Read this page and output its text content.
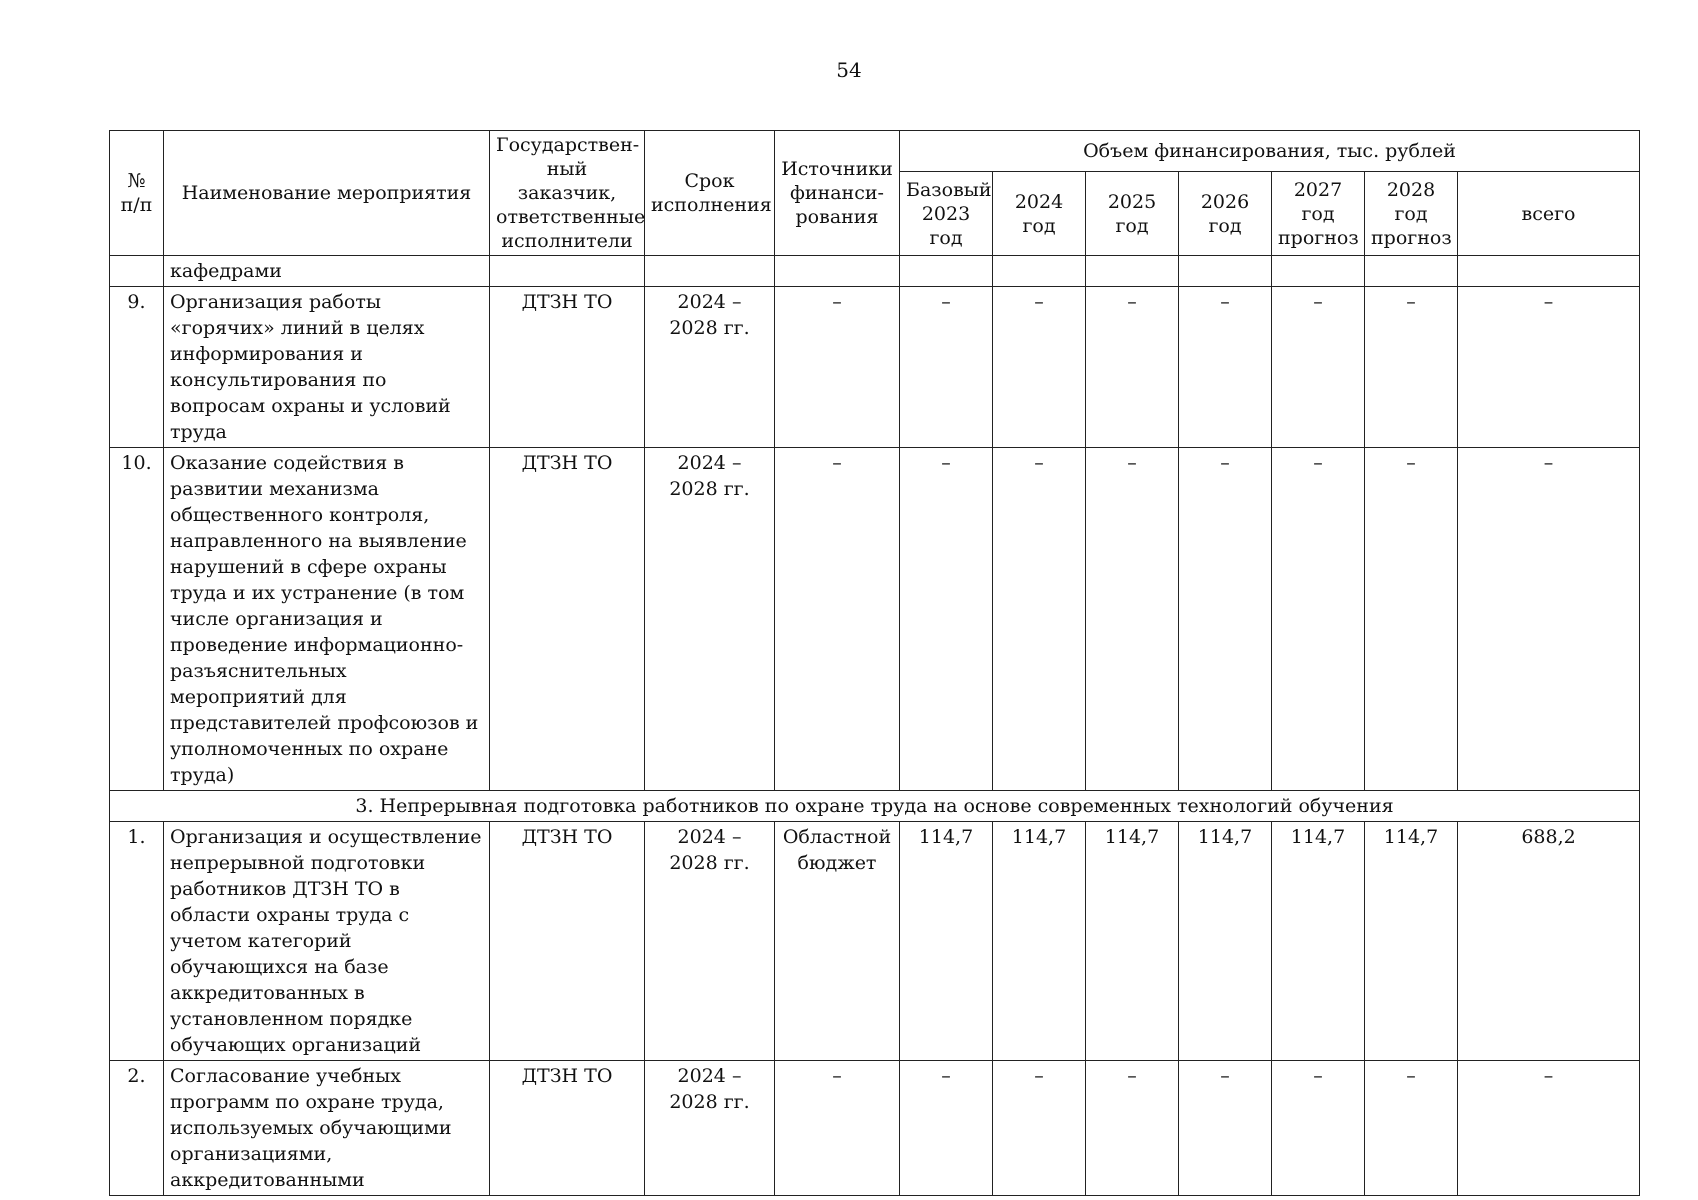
54
№ п/п	Наименование мероприятия	Государствен-ный заказчик, ответственные исполнители	Срок исполнения	Источники финанси-рования	Объем финансирования, тыс. рублей						
					Базовый 2023 год	2024 год	2025 год	2026 год	2027 год прогноз	2028 год прогноз	всего
	кафедрами										
9.	Организация работы «горячих» линий в целях информирования и консультирования по вопросам охраны и условий труда	ДТЗН ТО	2024 – 2028 гг.	–	–	–	–	–	–	–	–
10.	Оказание содействия в развитии механизма общественного контроля, направленного на выявление нарушений в сфере охраны труда и их устранение (в том числе организация и проведение информационно-разъяснительных мероприятий для представителей профсоюзов и уполномоченных по охране труда)	ДТЗН ТО	2024 – 2028 гг.	–	–	–	–	–	–	–	–
3. Непрерывная подготовка работников по охране труда на основе современных технологий обучения											
1.	Организация и осуществление непрерывной подготовки работников ДТЗН ТО в области охраны труда с учетом категорий обучающихся на базе аккредитованных в установленном порядке обучающих организаций	ДТЗН ТО	2024 – 2028 гг.	Областной бюджет	114,7	114,7	114,7	114,7	114,7	114,7	688,2
2.	Согласование учебных программ по охране труда, используемых обучающими организациями, аккредитованными	ДТЗН ТО	2024 – 2028 гг.	–	–	–	–	–	–	–	–
